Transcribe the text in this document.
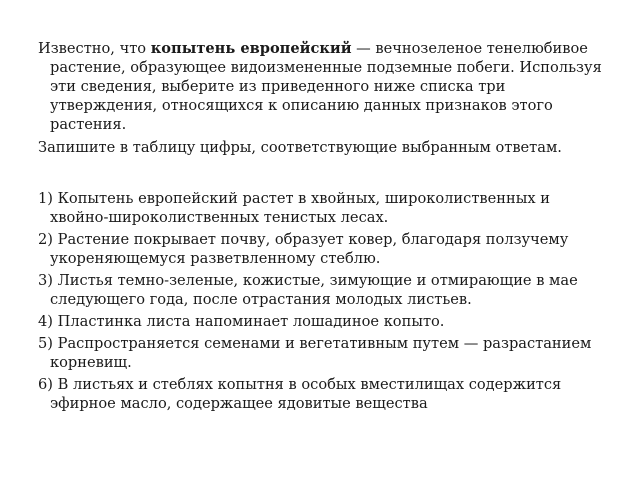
Известно, что копытень европейский — вечнозеленое тенелюбивое растение, образующее видоизмененные подземные побеги. Используя эти сведения, выберите из приведенного ниже списка три утверждения, относящихся к описанию данных признаков этого растения.

Запишите в таблицу цифры, соответствующие выбранным ответам.

1) Копытень европейский растет в хвойных, широколиственных и хвойно-широколиственных тенистых лесах.

2) Растение покрывает почву, образует ковер, благодаря ползучему укореняющемуся разветвленному стеблю.

3) Листья темно-зеленые, кожистые, зимующие и отмирающие в мае следующего года, после отрастания молодых листьев.

4) Пластинка листа напоминает лошадиное копыто.

5) Распространяется семенами и вегетативным путем — разрастанием корневищ.

6) В листьях и стеблях копытня в особых вместилищах содержится эфирное масло, содержащее ядовитые вещества
